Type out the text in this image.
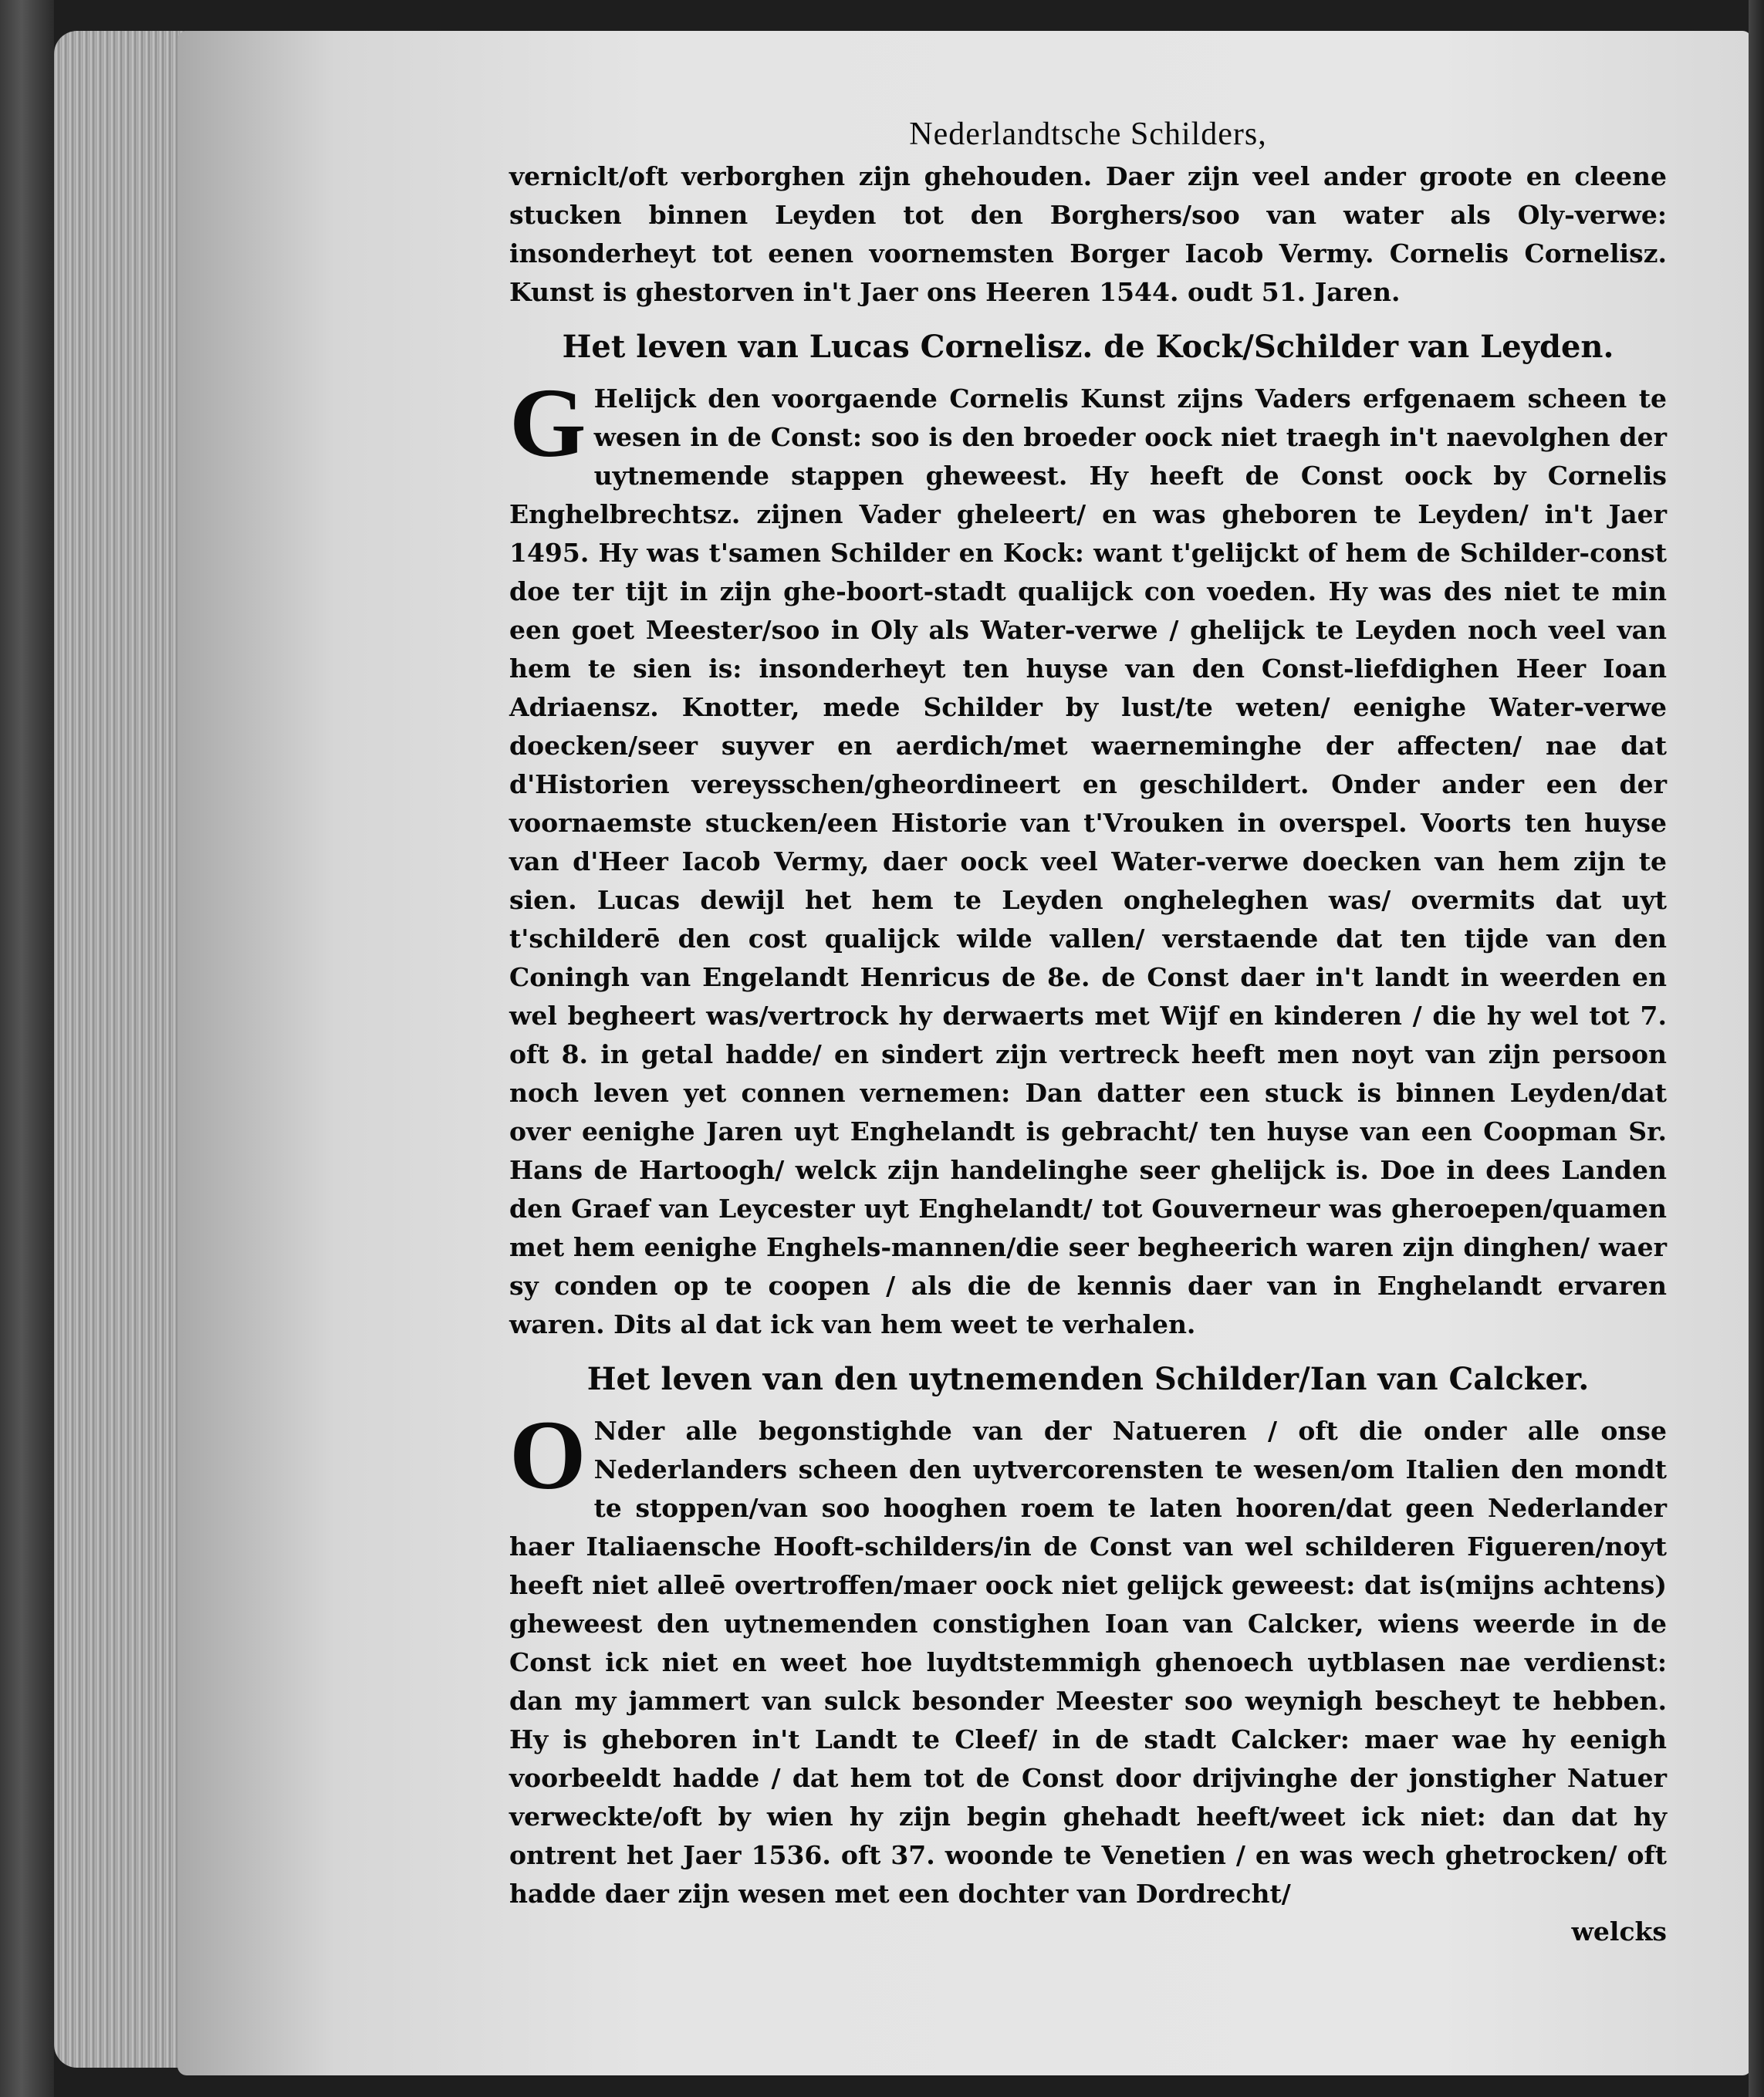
Nederlandtsche Schilders,

verniclt/oft verborghen zijn ghehouden. Daer zijn veel ander groote en cleene stucken binnen Leyden tot den Borghers/soo van water als Oly-verwe: insonderheyt tot eenen voornemsten Borger Iacob Vermy. Cornelis Cornelisz. Kunst is ghestorven in't Jaer ons Heeren 1544. oudt 51. Jaren.

Het leven van Lucas Cornelisz. de Kock/Schilder van Leyden.
G Helijck den voorgaende Cornelis Kunst zijns Vaders erfgenaem scheen te wesen in de Const: soo is den broeder oock niet traegh in't naevolghen der uytnemende stappen gheweest. Hy heeft de Const oock by Cornelis Enghelbrechtsz. zijnen Vader gheleert/ en was gheboren te Leyden/ in't Jaer 1495. Hy was t'samen Schilder en Kock: want t'gelijckt of hem de Schilder-const doe ter tijt in zijn ghe-boort-stadt qualijck con voeden. Hy was des niet te min een goet Meester/soo in Oly als Water-verwe / ghelijck te Leyden noch veel van hem te sien is: insonderheyt ten huyse van den Const-liefdighen Heer Ioan Adriaensz. Knotter, mede Schilder by lust/te weten/ eenighe Water-verwe doecken/seer suyver en aerdich/met waerneminghe der affecten/ nae dat d'Historien vereysschen/gheordineert en geschildert. Onder ander een der voornaemste stucken/een Historie van t'Vrouken in overspel. Voorts ten huyse van d'Heer Iacob Vermy, daer oock veel Water-verwe doecken van hem zijn te sien. Lucas dewijl het hem te Leyden ongheleghen was/ overmits dat uyt t'schilderē den cost qualijck wilde vallen/ verstaende dat ten tijde van den Coningh van Engelandt Henricus de 8e. de Const daer in't landt in weerden en wel begheert was/vertrock hy derwaerts met Wijf en kinderen / die hy wel tot 7. oft 8. in getal hadde/ en sindert zijn vertreck heeft men noyt van zijn persoon noch leven yet connen vernemen: Dan datter een stuck is binnen Leyden/dat over eenighe Jaren uyt Enghelandt is gebracht/ ten huyse van een Coopman Sr. Hans de Hartoogh/ welck zijn handelinghe seer ghelijck is. Doe in dees Landen den Graef van Leycester uyt Enghelandt/ tot Gouverneur was gheroepen/quamen met hem eenighe Enghels-mannen/die seer begheerich waren zijn dinghen/ waer sy conden op te coopen / als die de kennis daer van in Enghelandt ervaren waren. Dits al dat ick van hem weet te verhalen.

Het leven van den uytnemenden Schilder/Ian van Calcker.
O Nder alle begonstighde van der Natueren / oft die onder alle onse Nederlanders scheen den uytvercorensten te wesen/om Italien den mondt te stoppen/van soo hooghen roem te laten hooren/dat geen Nederlander haer Italiaensche Hooft-schilders/in de Const van wel schilderen Figueren/noyt heeft niet alleē overtroffen/maer oock niet gelijck geweest: dat is(mijns achtens) gheweest den uytnemenden constighen Ioan van Calcker, wiens weerde in de Const ick niet en weet hoe luydtstemmigh ghenoech uytblasen nae verdienst: dan my jammert van sulck besonder Meester soo weynigh bescheyt te hebben. Hy is gheboren in't Landt te Cleef/ in de stadt Calcker: maer wae hy eenigh voorbeeldt hadde / dat hem tot de Const door drijvinghe der jonstigher Natuer verweckte/oft by wien hy zijn begin ghehadt heeft/weet ick niet: dan dat hy ontrent het Jaer 1536. oft 37. woonde te Venetien / en was wech ghetrocken/ oft hadde daer zijn wesen met een dochter van Dordrecht/

welcks
